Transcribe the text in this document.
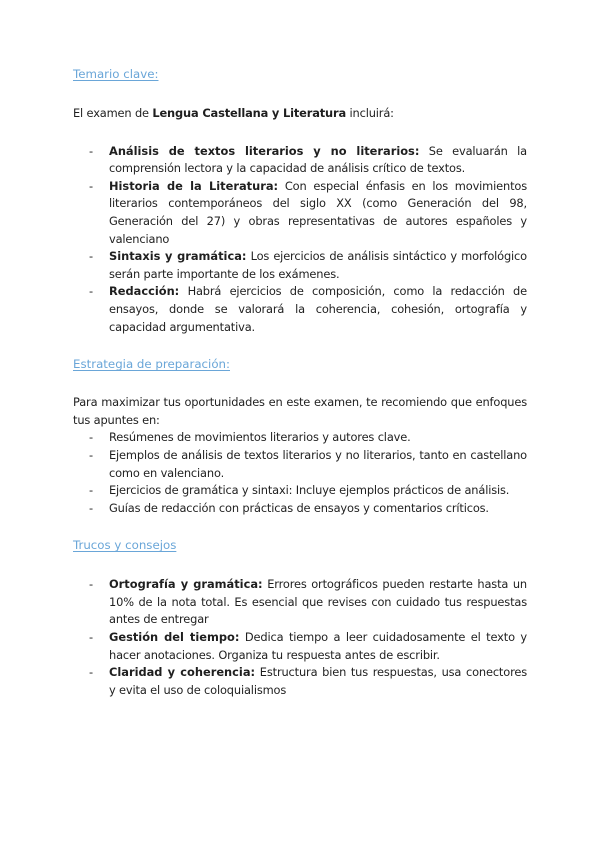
Temario clave:

El examen de Lengua Castellana y Literatura incluirá:

- Análisis de textos literarios y no literarios: Se evaluarán la comprensión lectora y la capacidad de análisis crítico de textos.
- Historia de la Literatura: Con especial énfasis en los movimientos literarios contemporáneos del siglo XX (como Generación del 98, Generación del 27) y obras representativas de autores españoles y valenciano
- Sintaxis y gramática: Los ejercicios de análisis sintáctico y morfológico serán parte importante de los exámenes.
- Redacción: Habrá ejercicios de composición, como la redacción de ensayos, donde se valorará la coherencia, cohesión, ortografía y capacidad argumentativa.
Estrategia de preparación:

Para maximizar tus oportunidades en este examen, te recomiendo que enfoques tus apuntes en:

- Resúmenes de movimientos literarios y autores clave.
- Ejemplos de análisis de textos literarios y no literarios, tanto en castellano como en valenciano.
- Ejercicios de gramática y sintaxi: Incluye ejemplos prácticos de análisis.
- Guías de redacción con prácticas de ensayos y comentarios críticos.
Trucos y consejos
- Ortografía y gramática: Errores ortográficos pueden restarte hasta un 10% de la nota total. Es esencial que revises con cuidado tus respuestas antes de entregar
- Gestión del tiempo: Dedica tiempo a leer cuidadosamente el texto y hacer anotaciones. Organiza tu respuesta antes de escribir.
- Claridad y coherencia: Estructura bien tus respuestas, usa conectores y evita el uso de coloquialismos
